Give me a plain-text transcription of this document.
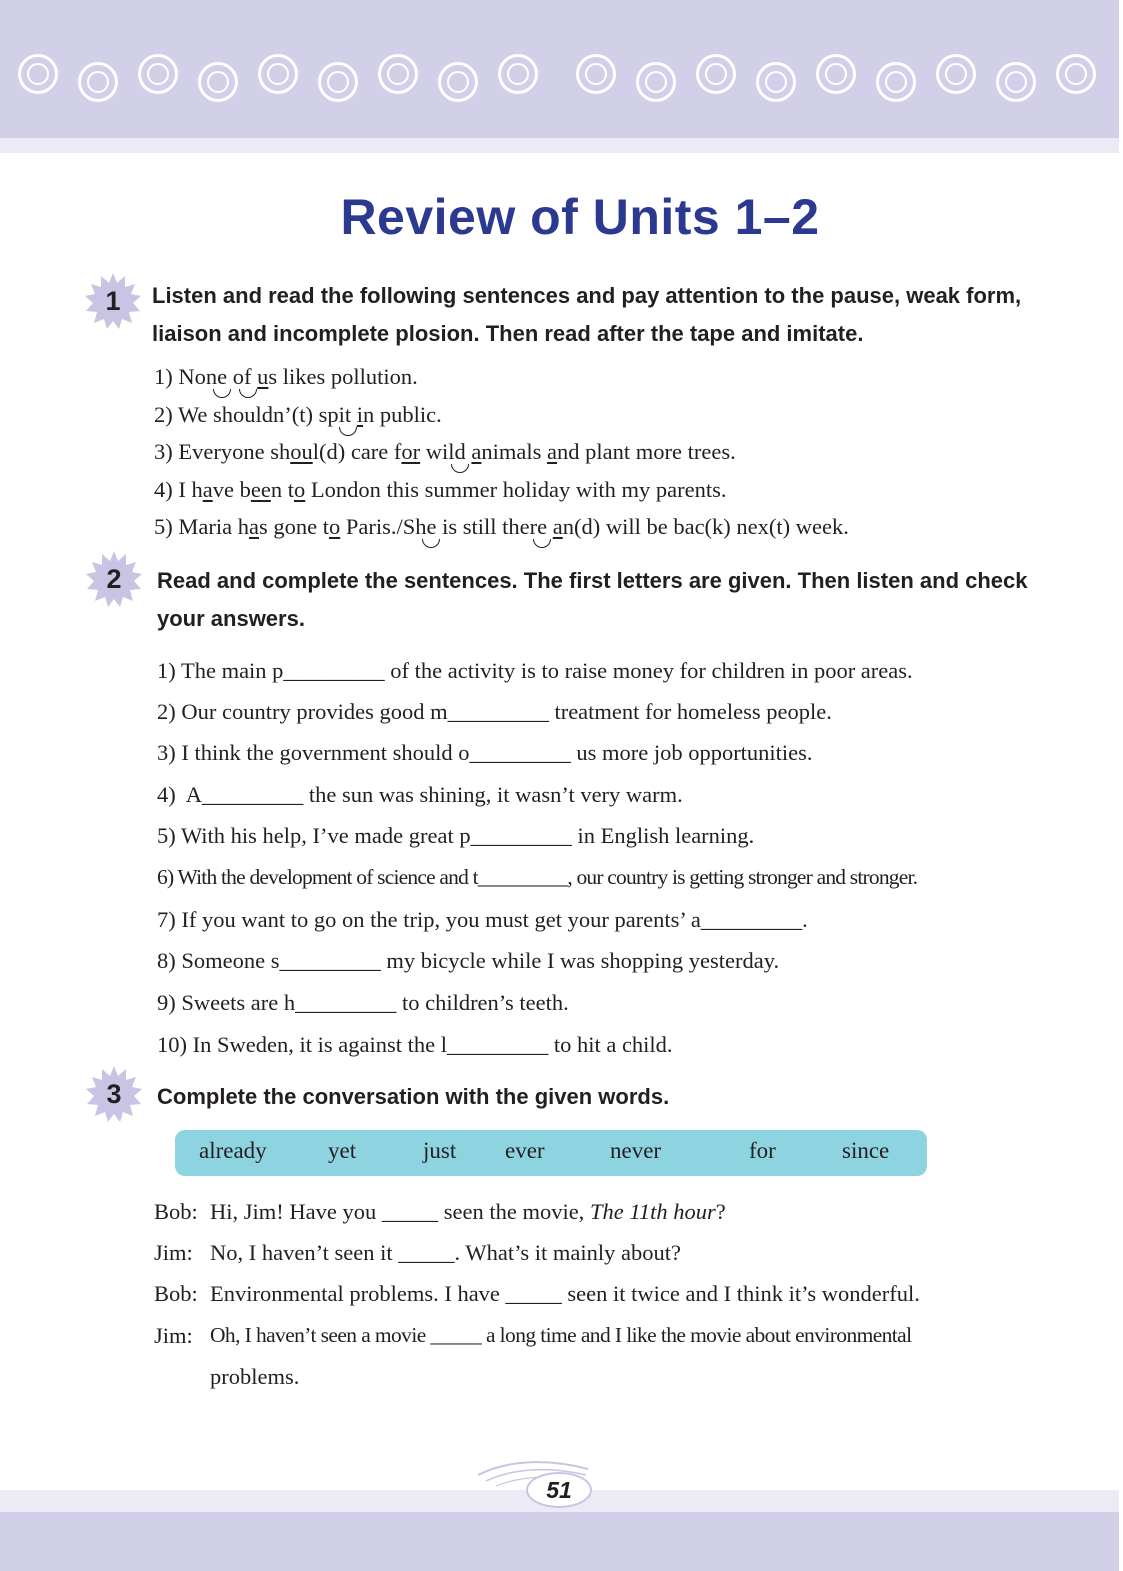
Review of Units 1–2
1	Listen and read the following sentences and pay attention to the pause, weak form, liaison and incomplete plosion. Then read after the tape and imitate.

1) None of us likes pollution.
2) We shouldn’(t) spit in public.
3) Everyone shoul(d) care for wild animals and plant more trees.
4) I have been to London this summer holiday with my parents.
5) Maria has gone to Paris./She is still there an(d) will be bac(k) nex(t) week.
2	Read and complete the sentences. The first letters are given. Then listen and check your answers.

1) The main p_________ of the activity is to raise money for children in poor areas.
2) Our country provides good m_________ treatment for homeless people.
3) I think the government should o_________ us more job opportunities.
4)  A_________ the sun was shining, it wasn’t very warm.
5) With his help, I’ve made great p_________ in English learning.
6) With the development of science and t_________, our country is getting stronger and stronger.
7) If you want to go on the trip, you must get your parents’ a_________.
8) Someone s_________ my bicycle while I was shopping yesterday.
9) Sweets are h_________ to children’s teeth.
10) In Sweden, it is against the l_________ to hit a child.
3	Complete the conversation with the given words.

already	yet	just ever	never	for	since
Bob: Hi, Jim! Have you _____ seen the movie, The 11th hour?
Jim: No, I haven’t seen it _____. What’s it mainly about?
Bob: Environmental problems. I have _____ seen it twice and I think it’s wonderful.
Jim: Oh, I haven’t seen a movie _____ a long time and I like the movie about environmental
problems.
51
